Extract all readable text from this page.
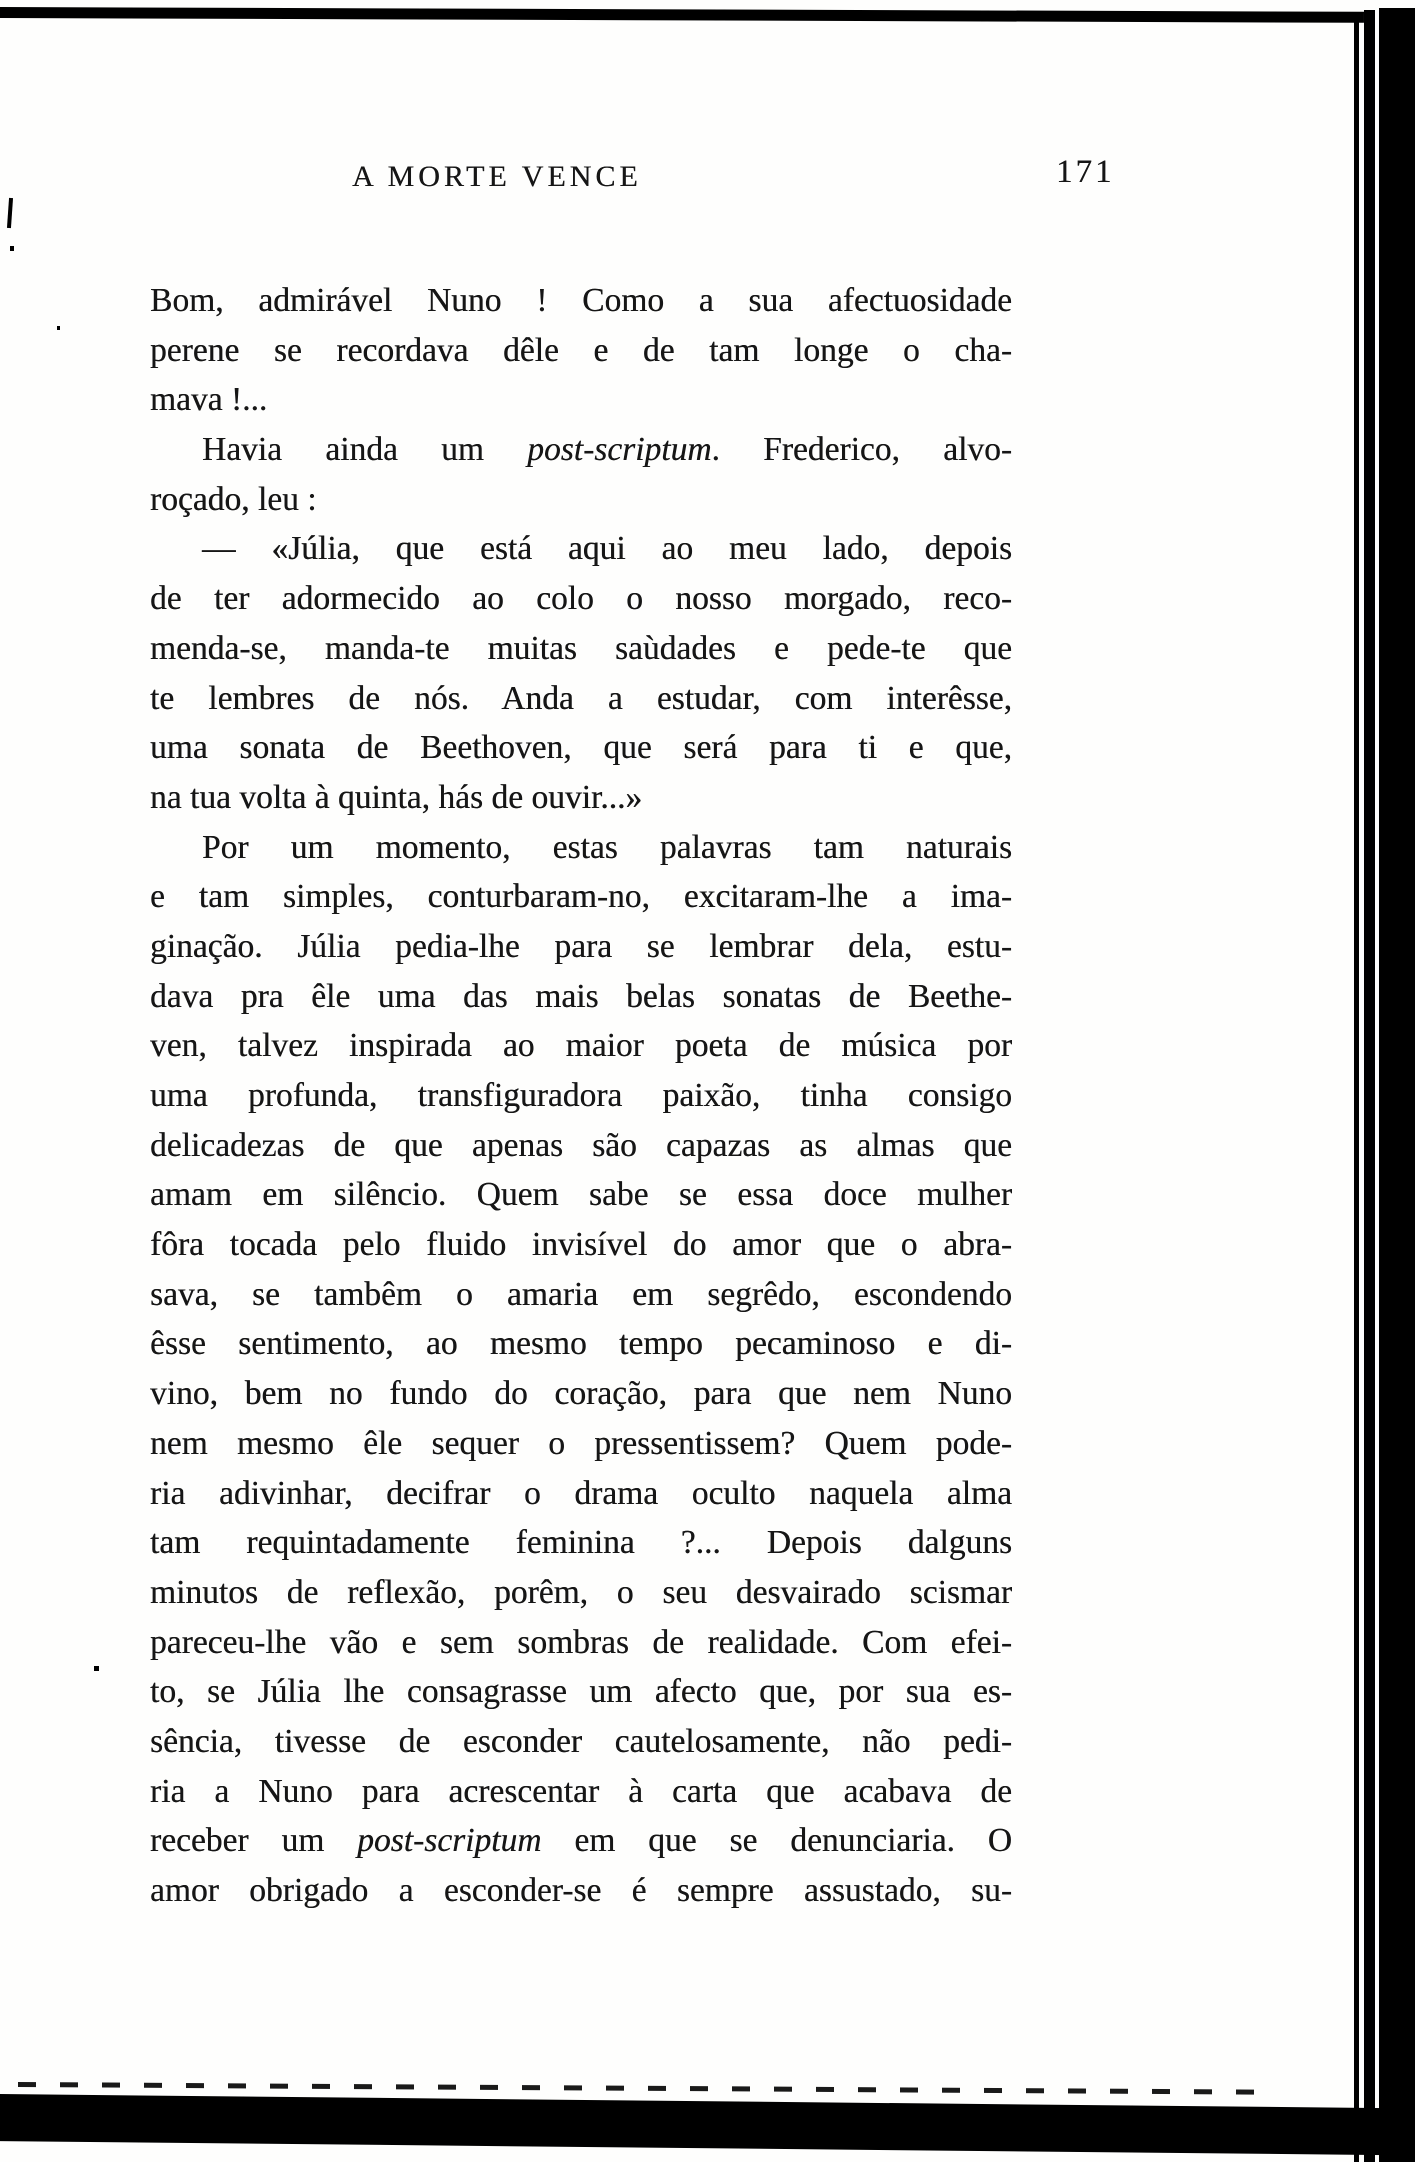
A MORTE VENCE	171
Bom, admirável Nuno ! Como a sua afectuosidade
perene se recordava dêle e de tam longe o cha-
mava !...
Havia ainda um post-scriptum. Frederico, alvo-
roçado, leu :
— «Júlia, que está aqui ao meu lado, depois
de ter adormecido ao colo o nosso morgado, reco-
menda-se, manda-te muitas saùdades e pede-te que
te lembres de nós. Anda a estudar, com interêsse,
uma sonata de Beethoven, que será para ti e que,
na tua volta à quinta, hás de ouvir...»
Por um momento, estas palavras tam naturais
e tam simples, conturbaram-no, excitaram-lhe a ima-
ginação. Júlia pedia-lhe para se lembrar dela, estu-
dava pra êle uma das mais belas sonatas de Beethe-
ven, talvez inspirada ao maior poeta de música por
uma profunda, transfiguradora paixão, tinha consigo
delicadezas de que apenas são capazas as almas que
amam em silêncio. Quem sabe se essa doce mulher
fôra tocada pelo fluido invisível do amor que o abra-
sava, se tambêm o amaria em segrêdo, escondendo
êsse sentimento, ao mesmo tempo pecaminoso e di-
vino, bem no fundo do coração, para que nem Nuno
nem mesmo êle sequer o pressentissem? Quem pode-
ria adivinhar, decifrar o drama oculto naquela alma
tam requintadamente feminina ?... Depois dalguns
minutos de reflexão, porêm, o seu desvairado scismar
pareceu-lhe vão e sem sombras de realidade. Com efei-
to, se Júlia lhe consagrasse um afecto que, por sua es-
sência, tivesse de esconder cautelosamente, não pedi-
ria a Nuno para acrescentar à carta que acabava de
receber um post-scriptum em que se denunciaria. O
amor obrigado a esconder-se é sempre assustado, su-
